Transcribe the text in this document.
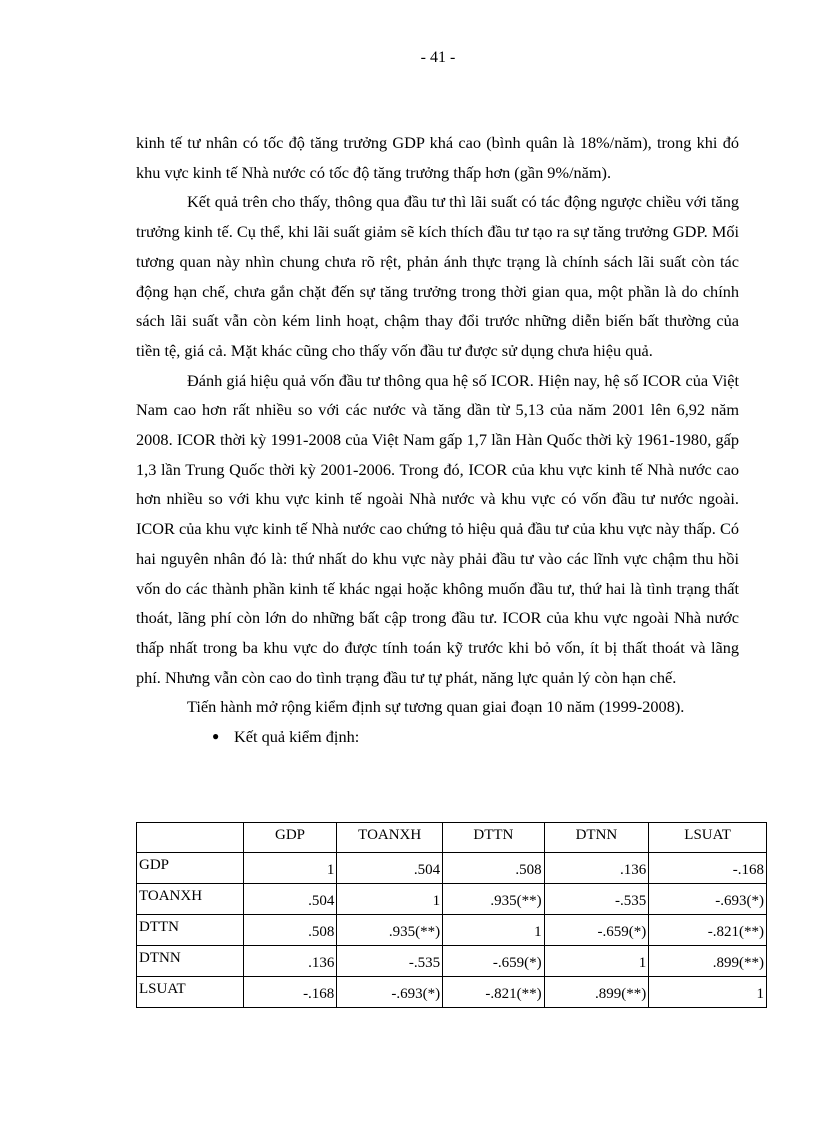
- 41 -

kinh tế tư nhân có tốc độ tăng trưởng GDP khá cao (bình quân là 18%/năm), trong khi đó khu vực kinh tế Nhà nước có tốc độ tăng trưởng thấp hơn (gần 9%/năm).

Kết quả trên cho thấy, thông qua đầu tư thì lãi suất có tác động ngược chiều với tăng trưởng kinh tế. Cụ thể, khi lãi suất giảm sẽ kích thích đầu tư tạo ra sự tăng trưởng GDP. Mối tương quan này nhìn chung chưa rõ rệt, phản ánh thực trạng là chính sách lãi suất còn tác động hạn chế, chưa gắn chặt đến sự tăng trưởng trong thời gian qua, một phần là do chính sách lãi suất vẫn còn kém linh hoạt, chậm thay đổi trước những diễn biến bất thường của tiền tệ, giá cả. Mặt khác cũng cho thấy vốn đầu tư được sử dụng chưa hiệu quả.

Đánh giá hiệu quả vốn đầu tư thông qua hệ số ICOR. Hiện nay, hệ số ICOR của Việt Nam cao hơn rất nhiều so với các nước và tăng dần từ 5,13 của năm 2001 lên 6,92 năm 2008. ICOR thời kỳ 1991-2008 của Việt Nam gấp 1,7 lần Hàn Quốc thời kỳ 1961-1980, gấp 1,3 lần Trung Quốc thời kỳ 2001-2006. Trong đó, ICOR của khu vực kinh tế Nhà nước cao hơn nhiều so với khu vực kinh tế ngoài Nhà nước và khu vực có vốn đầu tư nước ngoài. ICOR của khu vực kinh tế Nhà nước cao chứng tỏ hiệu quả đầu tư của khu vực này thấp. Có hai nguyên nhân đó là: thứ nhất do khu vực này phải đầu tư vào các lĩnh vực chậm thu hồi vốn do các thành phần kinh tế khác ngại hoặc không muốn đầu tư, thứ hai là tình trạng thất thoát, lãng phí còn lớn do những bất cập trong đầu tư. ICOR của khu vực ngoài Nhà nước thấp nhất trong ba khu vực do được tính toán kỹ trước khi bỏ vốn, ít bị thất thoát và lãng phí. Nhưng vẫn còn cao do tình trạng đầu tư tự phát, năng lực quản lý còn hạn chế.

Tiến hành mở rộng kiểm định sự tương quan giai đoạn 10 năm (1999-2008).

● Kết quả kiểm định:
	GDP	TOANXH	DTTN	DTNN	LSUAT
GDP	1	.504	.508	.136	-.168
TOANXH	.504	1	.935(**)	-.535	-.693(*)
DTTN	.508	.935(**)	1	-.659(*)	-.821(**)
DTNN	.136	-.535	-.659(*)	1	.899(**)
LSUAT	-.168	-.693(*)	-.821(**)	.899(**)	1
